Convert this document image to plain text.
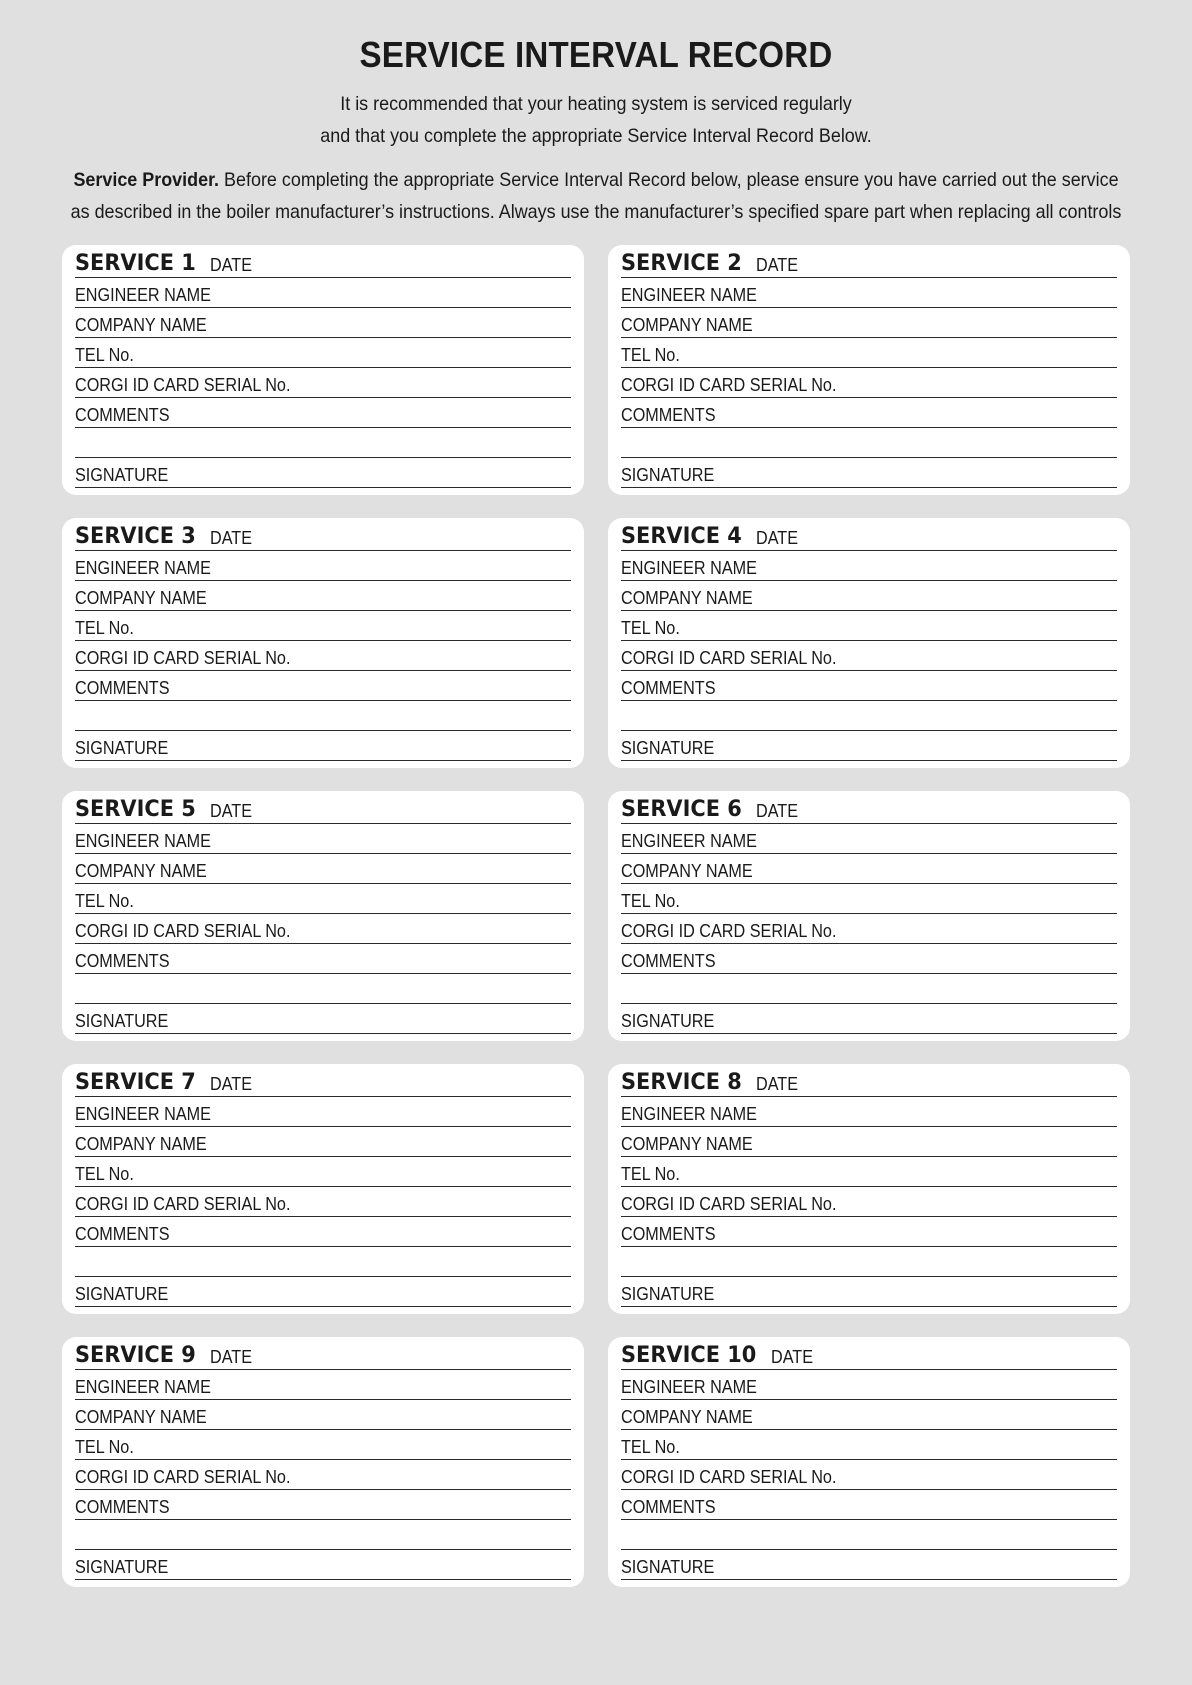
SERVICE INTERVAL RECORD
It is recommended that your heating system is serviced regularly
and that you complete the appropriate Service Interval Record Below.
Service Provider. Before completing the appropriate Service Interval Record below, please ensure you have carried out the service
as described in the boiler manufacturer’s instructions. Always use the manufacturer’s specified spare part when replacing all controls
SERVICE 1 DATE
ENGINEER NAME
COMPANY NAME
TEL No.
CORGI ID CARD SERIAL No.
COMMENTS
SIGNATURE
SERVICE 2 DATE
ENGINEER NAME
COMPANY NAME
TEL No.
CORGI ID CARD SERIAL No.
COMMENTS
SIGNATURE
SERVICE 3 DATE
ENGINEER NAME
COMPANY NAME
TEL No.
CORGI ID CARD SERIAL No.
COMMENTS
SIGNATURE
SERVICE 4 DATE
ENGINEER NAME
COMPANY NAME
TEL No.
CORGI ID CARD SERIAL No.
COMMENTS
SIGNATURE
SERVICE 5 DATE
ENGINEER NAME
COMPANY NAME
TEL No.
CORGI ID CARD SERIAL No.
COMMENTS
SIGNATURE
SERVICE 6 DATE
ENGINEER NAME
COMPANY NAME
TEL No.
CORGI ID CARD SERIAL No.
COMMENTS
SIGNATURE
SERVICE 7 DATE
ENGINEER NAME
COMPANY NAME
TEL No.
CORGI ID CARD SERIAL No.
COMMENTS
SIGNATURE
SERVICE 8 DATE
ENGINEER NAME
COMPANY NAME
TEL No.
CORGI ID CARD SERIAL No.
COMMENTS
SIGNATURE
SERVICE 9 DATE
ENGINEER NAME
COMPANY NAME
TEL No.
CORGI ID CARD SERIAL No.
COMMENTS
SIGNATURE
SERVICE 10 DATE
ENGINEER NAME
COMPANY NAME
TEL No.
CORGI ID CARD SERIAL No.
COMMENTS
SIGNATURE
